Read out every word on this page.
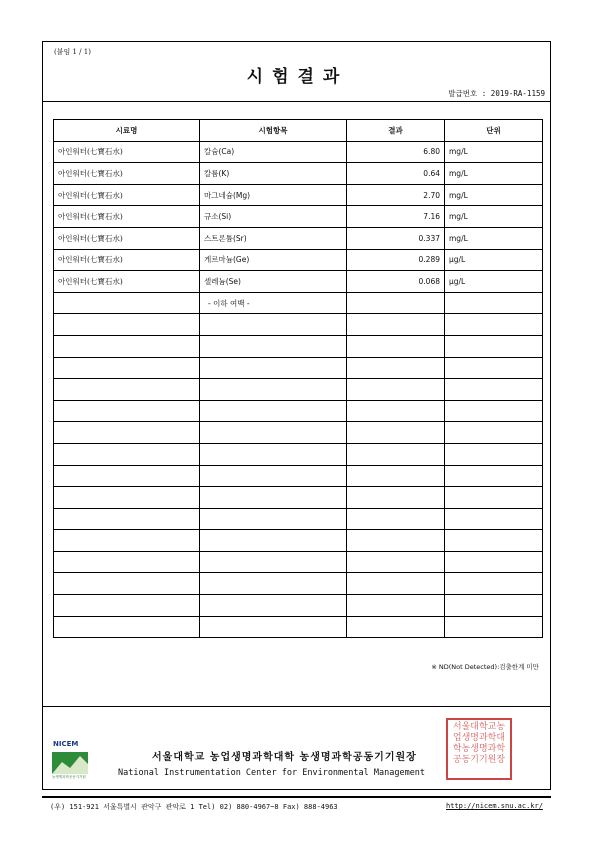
(붙임 1 / 1)
시험결과
발급번호 : 2019-RA-1159
시료명	시험항목	결과	단위
아인워터(七寶石水)	칼슘(Ca)	6.80	mg/L
아인워터(七寶石水)	칼륨(K)	0.64	mg/L
아인워터(七寶石水)	마그네슘(Mg)	2.70	mg/L
아인워터(七寶石水)	규소(Si)	7.16	mg/L
아인워터(七寶石水)	스트론튬(Sr)	0.337	mg/L
아인워터(七寶石水)	게르마늄(Ge)	0.289	μg/L
아인워터(七寶石水)	셀레늄(Se)	0.068	μg/L
	- 이하 여백 -		

※ ND(Not Detected):검출한계 미만
NICEM
농생명과학공동기기원
서울대학교 농업생명과학대학 농생명과학공동기기원장
National Instrumentation Center for Environmental Management
서울대학교농업생명과학대학농생명과학공동기기원장
(우) 151-921 서울특별시 관악구 관악로 1 Tel) 02) 880-4967~8 Fax) 888-4963	http://nicem.snu.ac.kr/
